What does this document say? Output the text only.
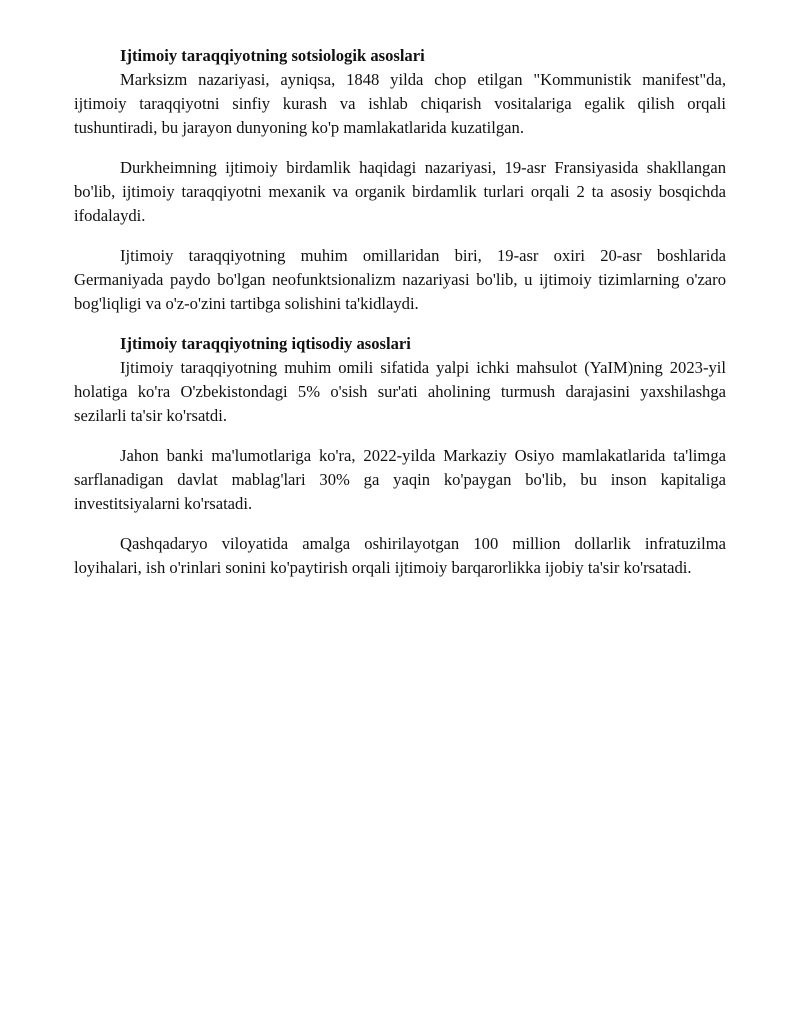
Ijtimoiy taraqqiyotning sotsiologik asoslari

Marksizm nazariyasi, ayniqsa, 1848 yilda chop etilgan "Kommunistik manifest"da, ijtimoiy taraqqiyotni sinfiy kurash va ishlab chiqarish vositalariga egalik qilish orqali tushuntiradi, bu jarayon dunyoning ko'p mamlakatlarida kuzatilgan.

Durkheimning ijtimoiy birdamlik haqidagi nazariyasi, 19-asr Fransiyasida shakllangan bo'lib, ijtimoiy taraqqiyotni mexanik va organik birdamlik turlari orqali 2 ta asosiy bosqichda ifodalaydi.

Ijtimoiy taraqqiyotning muhim omillaridan biri, 19-asr oxiri 20-asr boshlarida Germaniyada paydo bo'lgan neofunktsionalizm nazariyasi bo'lib, u ijtimoiy tizimlarning o'zaro bog'liqligi va o'z-o'zini tartibga solishini ta'kidlaydi.

Ijtimoiy taraqqiyotning iqtisodiy asoslari

Ijtimoiy taraqqiyotning muhim omili sifatida yalpi ichki mahsulot (YaIM)ning 2023-yil holatiga ko'ra O'zbekistondagi 5% o'sish sur'ati aholining turmush darajasini yaxshilashga sezilarli ta'sir ko'rsatdi.

Jahon banki ma'lumotlariga ko'ra, 2022-yilda Markaziy Osiyo mamlakatlarida ta'limga sarflanadigan davlat mablag'lari 30% ga yaqin ko'paygan bo'lib, bu inson kapitaliga investitsiyalarni ko'rsatadi.

Qashqadaryo viloyatida amalga oshirilayotgan 100 million dollarlik infratuzilma loyihalari, ish o'rinlari sonini ko'paytirish orqali ijtimoiy barqarorlikka ijobiy ta'sir ko'rsatadi.
